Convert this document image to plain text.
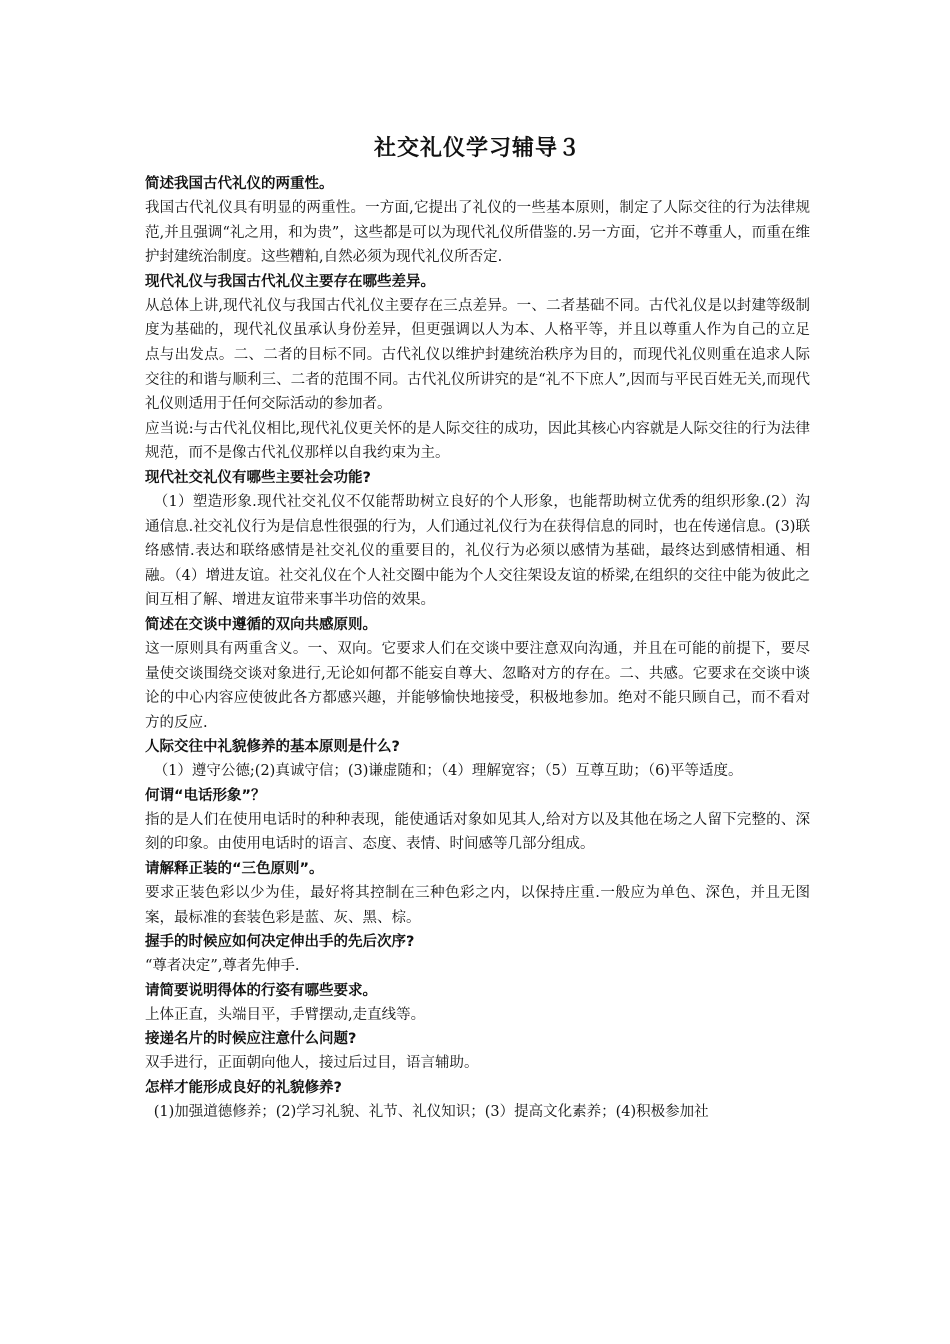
社交礼仪学习辅导３

简述我国古代礼仪的两重性。

我国古代礼仪具有明显的两重性。一方面,它提出了礼仪的一些基本原则，制定了人际交往的行为法律规范,并且强调“礼之用，和为贵”，这些都是可以为现代礼仪所借鉴的.另一方面，它并不尊重人，而重在维护封建统治制度。这些糟粕,自然必须为现代礼仪所否定.

现代礼仪与我国古代礼仪主要存在哪些差异。

从总体上讲,现代礼仪与我国古代礼仪主要存在三点差异。一、二者基础不同。古代礼仪是以封建等级制度为基础的，现代礼仪虽承认身份差异，但更强调以人为本、人格平等，并且以尊重人作为自己的立足点与出发点。二、二者的目标不同。古代礼仪以维护封建统治秩序为目的，而现代礼仪则重在追求人际交往的和谐与顺利三、二者的范围不同。古代礼仪所讲究的是“礼不下庶人”,因而与平民百姓无关,而现代礼仪则适用于任何交际活动的参加者。

应当说:与古代礼仪相比,现代礼仪更关怀的是人际交往的成功，因此其核心内容就是人际交往的行为法律规范，而不是像古代礼仪那样以自我约束为主。

现代社交礼仪有哪些主要社会功能?

（1）塑造形象.现代社交礼仪不仅能帮助树立良好的个人形象，也能帮助树立优秀的组织形象.(2）沟通信息.社交礼仪行为是信息性很强的行为，人们通过礼仪行为在获得信息的同时，也在传递信息。(3)联络感情.表达和联络感情是社交礼仪的重要目的，礼仪行为必须以感情为基础，最终达到感情相通、相融。（4）增进友谊。社交礼仪在个人社交圈中能为个人交往架设友谊的桥梁,在组织的交往中能为彼此之间互相了解、增进友谊带来事半功倍的效果。

简述在交谈中遵循的双向共感原则。

这一原则具有两重含义。一、双向。它要求人们在交谈中要注意双向沟通，并且在可能的前提下，要尽量使交谈围绕交谈对象进行,无论如何都不能妄自尊大、忽略对方的存在。二、共感。它要求在交谈中谈论的中心内容应使彼此各方都感兴趣，并能够愉快地接受，积极地参加。绝对不能只顾自己，而不看对方的反应.

人际交往中礼貌修养的基本原则是什么?

（1）遵守公德;(2)真诚守信；(3)谦虚随和；（4）理解宽容；（5）互尊互助；（6)平等适度。

何谓“电话形象”？

指的是人们在使用电话时的种种表现，能使通话对象如见其人,给对方以及其他在场之人留下完整的、深刻的印象。由使用电话时的语言、态度、表情、时间感等几部分组成。

请解释正装的“三色原则”。

要求正装色彩以少为佳，最好将其控制在三种色彩之内，以保持庄重.一般应为单色、深色，并且无图案，最标准的套装色彩是蓝、灰、黑、棕。

握手的时候应如何决定伸出手的先后次序?

“尊者决定”,尊者先伸手.

请简要说明得体的行姿有哪些要求。

上体正直，头端目平，手臂摆动,走直线等。

接递名片的时候应注意什么问题?

双手进行，正面朝向他人，接过后过目，语言辅助。

怎样才能形成良好的礼貌修养?

(1)加强道德修养；(2)学习礼貌、礼节、礼仪知识；(3）提高文化素养；(4)积极参加社
